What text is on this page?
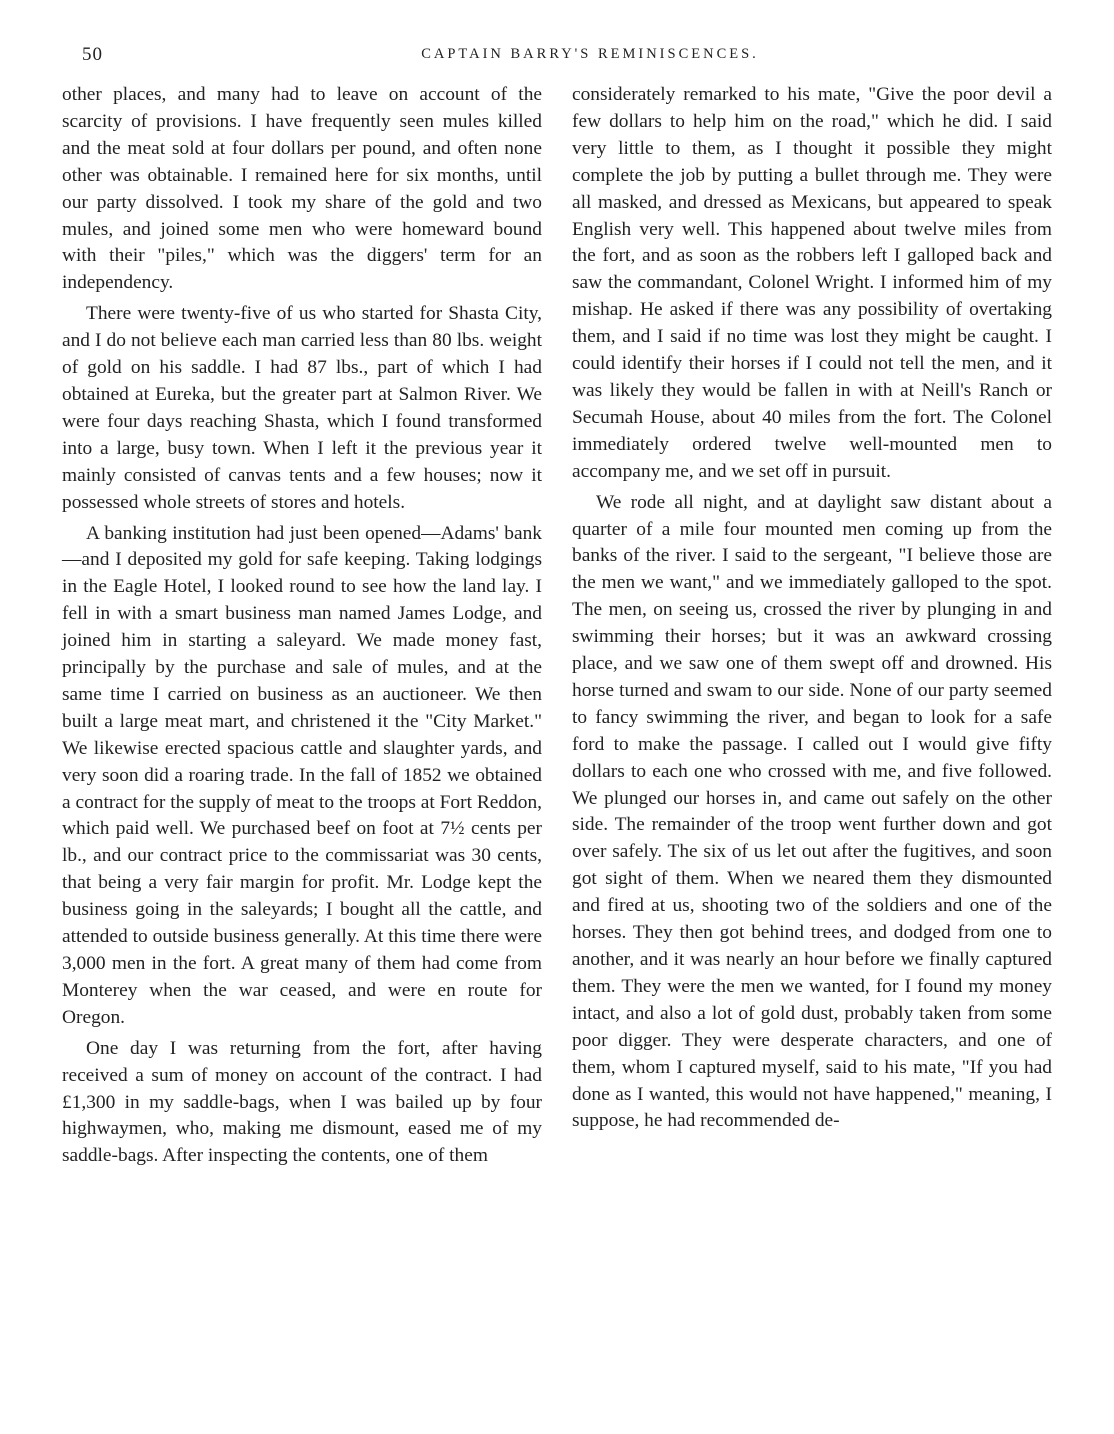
50	CAPTAIN BARRY'S REMINISCENCES.

other places, and many had to leave on account of the scarcity of provisions. I have frequently seen mules killed and the meat sold at four dollars per pound, and often none other was obtainable. I remained here for six months, until our party dissolved. I took my share of the gold and two mules, and joined some men who were homeward bound with their "piles," which was the diggers' term for an independency.

There were twenty-five of us who started for Shasta City, and I do not believe each man carried less than 80 lbs. weight of gold on his saddle. I had 87 lbs., part of which I had obtained at Eureka, but the greater part at Salmon River. We were four days reaching Shasta, which I found transformed into a large, busy town. When I left it the previous year it mainly consisted of canvas tents and a few houses; now it possessed whole streets of stores and hotels.

A banking institution had just been opened—Adams' bank—and I deposited my gold for safe keeping. Taking lodgings in the Eagle Hotel, I looked round to see how the land lay. I fell in with a smart business man named James Lodge, and joined him in starting a saleyard. We made money fast, principally by the purchase and sale of mules, and at the same time I carried on business as an auctioneer. We then built a large meat mart, and christened it the "City Market." We likewise erected spacious cattle and slaughter yards, and very soon did a roaring trade. In the fall of 1852 we obtained a contract for the supply of meat to the troops at Fort Reddon, which paid well. We purchased beef on foot at 7½ cents per lb., and our contract price to the commissariat was 30 cents, that being a very fair margin for profit. Mr. Lodge kept the business going in the saleyards; I bought all the cattle, and attended to outside business generally. At this time there were 3,000 men in the fort. A great many of them had come from Monterey when the war ceased, and were en route for Oregon.

One day I was returning from the fort, after having received a sum of money on account of the contract. I had £1,300 in my saddle-bags, when I was bailed up by four highwaymen, who, making me dismount, eased me of my saddle-bags. After inspecting the contents, one of them

considerately remarked to his mate, "Give the poor devil a few dollars to help him on the road," which he did. I said very little to them, as I thought it possible they might complete the job by putting a bullet through me. They were all masked, and dressed as Mexicans, but appeared to speak English very well. This happened about twelve miles from the fort, and as soon as the robbers left I galloped back and saw the commandant, Colonel Wright. I informed him of my mishap. He asked if there was any possibility of overtaking them, and I said if no time was lost they might be caught. I could identify their horses if I could not tell the men, and it was likely they would be fallen in with at Neill's Ranch or Secumah House, about 40 miles from the fort. The Colonel immediately ordered twelve well-mounted men to accompany me, and we set off in pursuit.

We rode all night, and at daylight saw distant about a quarter of a mile four mounted men coming up from the banks of the river. I said to the sergeant, "I believe those are the men we want," and we immediately galloped to the spot. The men, on seeing us, crossed the river by plunging in and swimming their horses; but it was an awkward crossing place, and we saw one of them swept off and drowned. His horse turned and swam to our side. None of our party seemed to fancy swimming the river, and began to look for a safe ford to make the passage. I called out I would give fifty dollars to each one who crossed with me, and five followed. We plunged our horses in, and came out safely on the other side. The remainder of the troop went further down and got over safely. The six of us let out after the fugitives, and soon got sight of them. When we neared them they dismounted and fired at us, shooting two of the soldiers and one of the horses. They then got behind trees, and dodged from one to another, and it was nearly an hour before we finally captured them. They were the men we wanted, for I found my money intact, and also a lot of gold dust, probably taken from some poor digger. They were desperate characters, and one of them, whom I captured myself, said to his mate, "If you had done as I wanted, this would not have happened," meaning, I suppose, he had recommended de-
